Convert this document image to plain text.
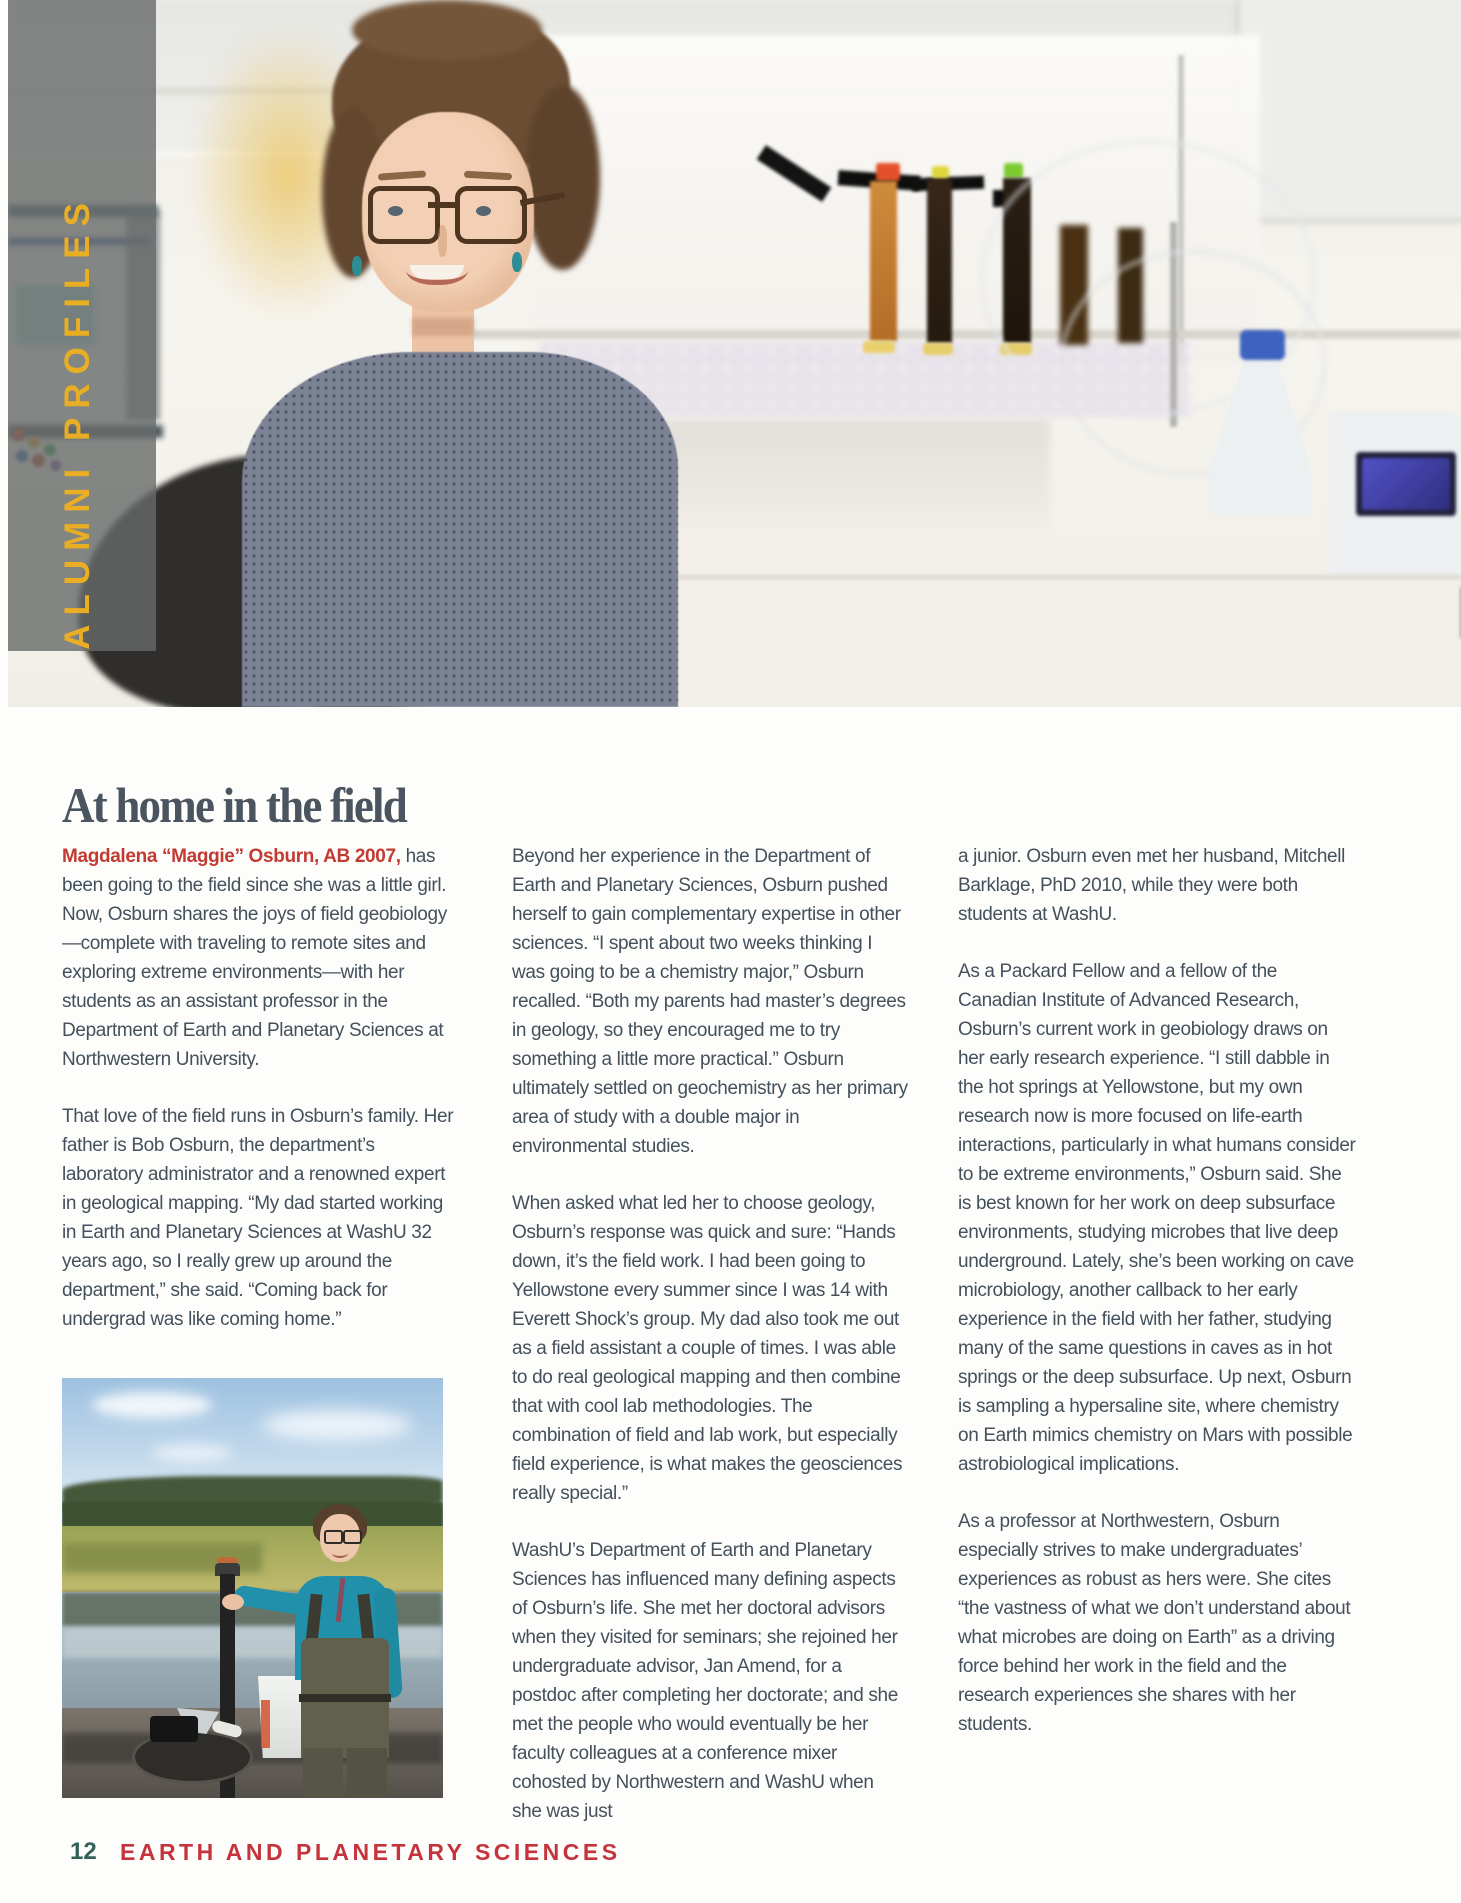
ALUMNI PROFILES
At home in the field

Magdalena “Maggie” Osburn, AB 2007, has been going to the field since she was a little girl. Now, Osburn shares the joys of field geobiology—complete with traveling to remote sites and exploring extreme environments—with her students as an assistant professor in the Department of Earth and Planetary Sciences at Northwestern University.

That love of the field runs in Osburn’s family. Her father is Bob Osburn, the department’s laboratory administrator and a renowned expert in geological mapping. “My dad started working in Earth and Planetary Sciences at WashU 32 years ago, so I really grew up around the department,” she said. “Coming back for undergrad was like coming home.”

Beyond her experience in the Department of Earth and Planetary Sciences, Osburn pushed herself to gain complementary expertise in other sciences. “I spent about two weeks thinking I was going to be a chemistry major,” Osburn recalled. “Both my parents had master’s degrees in geology, so they encouraged me to try something a little more practical.” Osburn ultimately settled on geochemistry as her primary area of study with a double major in environmental studies.

When asked what led her to choose geology, Osburn’s response was quick and sure: “Hands down, it’s the field work. I had been going to Yellowstone every summer since I was 14 with Everett Shock’s group. My dad also took me out as a field assistant a couple of times. I was able to do real geological mapping and then combine that with cool lab methodologies. The combination of field and lab work, but especially field experience, is what makes the geosciences really special.”

WashU’s Department of Earth and Planetary Sciences has influenced many defining aspects of Osburn’s life. She met her doctoral advisors when they visited for seminars; she rejoined her undergraduate advisor, Jan Amend, for a postdoc after completing her doctorate; and she met the people who would eventually be her faculty colleagues at a conference mixer cohosted by Northwestern and WashU when she was just

a junior. Osburn even met her husband, Mitchell Barklage, PhD 2010, while they were both students at WashU.

As a Packard Fellow and a fellow of the Canadian Institute of Advanced Research, Osburn’s current work in geobiology draws on her early research experience. “I still dabble in the hot springs at Yellowstone, but my own research now is more focused on life-earth interactions, particularly in what humans consider to be extreme environments,” Osburn said. She is best known for her work on deep subsurface environments, studying microbes that live deep underground. Lately, she’s been working on cave microbiology, another callback to her early experience in the field with her father, studying many of the same questions in caves as in hot springs or the deep subsurface. Up next, Osburn is sampling a hypersaline site, where chemistry on Earth mimics chemistry on Mars with possible astrobiological implications.

As a professor at Northwestern, Osburn especially strives to make undergraduates’ experiences as robust as hers were. She cites “the vastness of what we don’t understand about what microbes are doing on Earth” as a driving force behind her work in the field and the research experiences she shares with her students.

12 EARTH AND PLANETARY SCIENCES
